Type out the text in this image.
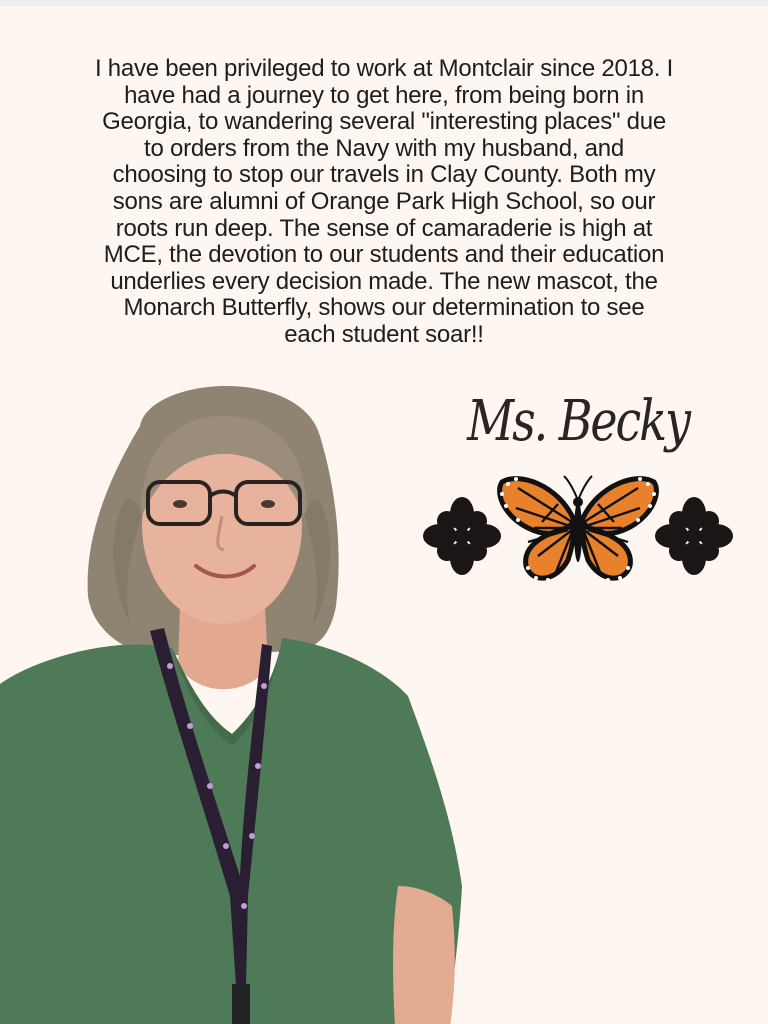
I have been privileged to work at Montclair since 2018. I
have had a journey to get here, from being born in
Georgia, to wandering several "interesting places" due
to orders from the Navy with my husband, and
choosing to stop our travels in Clay County. Both my
sons are alumni of Orange Park High School, so our
roots run deep. The sense of camaraderie is high at
MCE, the devotion to our students and their education
underlies every decision made. The new mascot, the
Monarch Butterfly, shows our determination to see
each student soar!!

Ms. Becky
